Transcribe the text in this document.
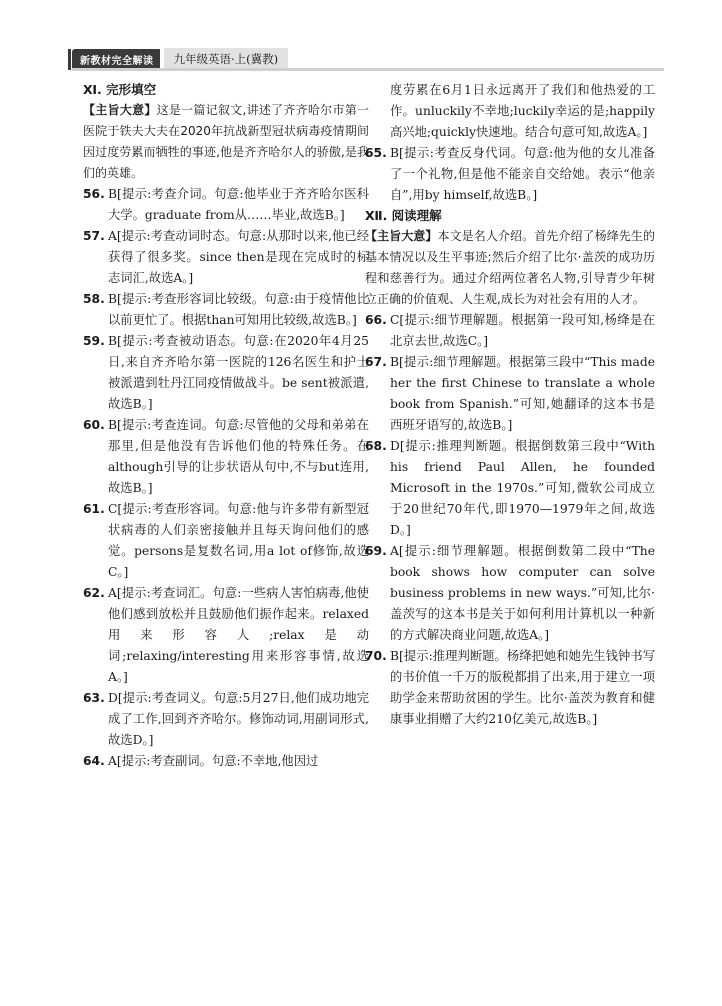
新教材完全解读	九年级英语·上(冀教)

Ⅺ. 完形填空

【主旨大意】这是一篇记叙文,讲述了齐齐哈尔市第一医院于铁夫大夫在2020年抗战新型冠状病毒疫情期间因过度劳累而牺牲的事迹,他是齐齐哈尔人的骄傲,是我们的英雄。

56. B[提示:考查介词。句意:他毕业于齐齐哈尔医科大学。graduate from从……毕业,故选B。]
57. A[提示:考查动词时态。句意:从那时以来,他已经获得了很多奖。since then是现在完成时的标志词汇,故选A。]
58. B[提示:考查形容词比较级。句意:由于疫情他比以前更忙了。根据than可知用比较级,故选B。]
59. B[提示:考查被动语态。句意:在2020年4月25日,来自齐齐哈尔第一医院的126名医生和护士被派遣到牡丹江同疫情做战斗。be sent被派遣,故选B。]
60. B[提示:考查连词。句意:尽管他的父母和弟弟在那里,但是他没有告诉他们他的特殊任务。在although引导的让步状语从句中,不与but连用,故选B。]
61. C[提示:考查形容词。句意:他与许多带有新型冠状病毒的人们亲密接触并且每天询问他们的感觉。persons是复数名词,用a lot of修饰,故选C。]
62. A[提示:考查词汇。句意:一些病人害怕病毒,他使他们感到放松并且鼓励他们振作起来。relaxed用来形容人;relax是动词;relaxing/interesting用来形容事情,故选A。]
63. D[提示:考查词义。句意:5月27日,他们成功地完成了工作,回到齐齐哈尔。修饰动词,用副词形式,故选D。]
64. A[提示:考查副词。句意:不幸地,他因过

度劳累在6月1日永远离开了我们和他热爱的工作。unluckily不幸地;luckily幸运的是;happily高兴地;quickly快速地。结合句意可知,故选A。]

65. B[提示:考查反身代词。句意:他为他的女儿准备了一个礼物,但是他不能亲自交给她。表示“他亲自”,用by himself,故选B。]

Ⅻ. 阅读理解

【主旨大意】本文是名人介绍。首先介绍了杨绛先生的基本情况以及生平事迹;然后介绍了比尔·盖茨的成功历程和慈善行为。通过介绍两位著名人物,引导青少年树立正确的价值观、人生观,成长为对社会有用的人才。

66. C[提示:细节理解题。根据第一段可知,杨绛是在北京去世,故选C。]
67. B[提示:细节理解题。根据第三段中“This made her the first Chinese to translate a whole book from Spanish.”可知,她翻译的这本书是西班牙语写的,故选B。]
68. D[提示:推理判断题。根据倒数第三段中“With his friend Paul Allen, he founded Microsoft in the 1970s.”可知,微软公司成立于20世纪70年代,即1970—1979年之间,故选D。]
69. A[提示:细节理解题。根据倒数第二段中“The book shows how computer can solve business problems in new ways.”可知,比尔·盖茨写的这本书是关于如何利用计算机以一种新的方式解决商业问题,故选A。]
70. B[提示:推理判断题。杨绛把她和她先生钱钟书写的书价值一千万的版税都捐了出来,用于建立一项助学金来帮助贫困的学生。比尔·盖茨为教育和健康事业捐赠了大约210亿美元,故选B。]
